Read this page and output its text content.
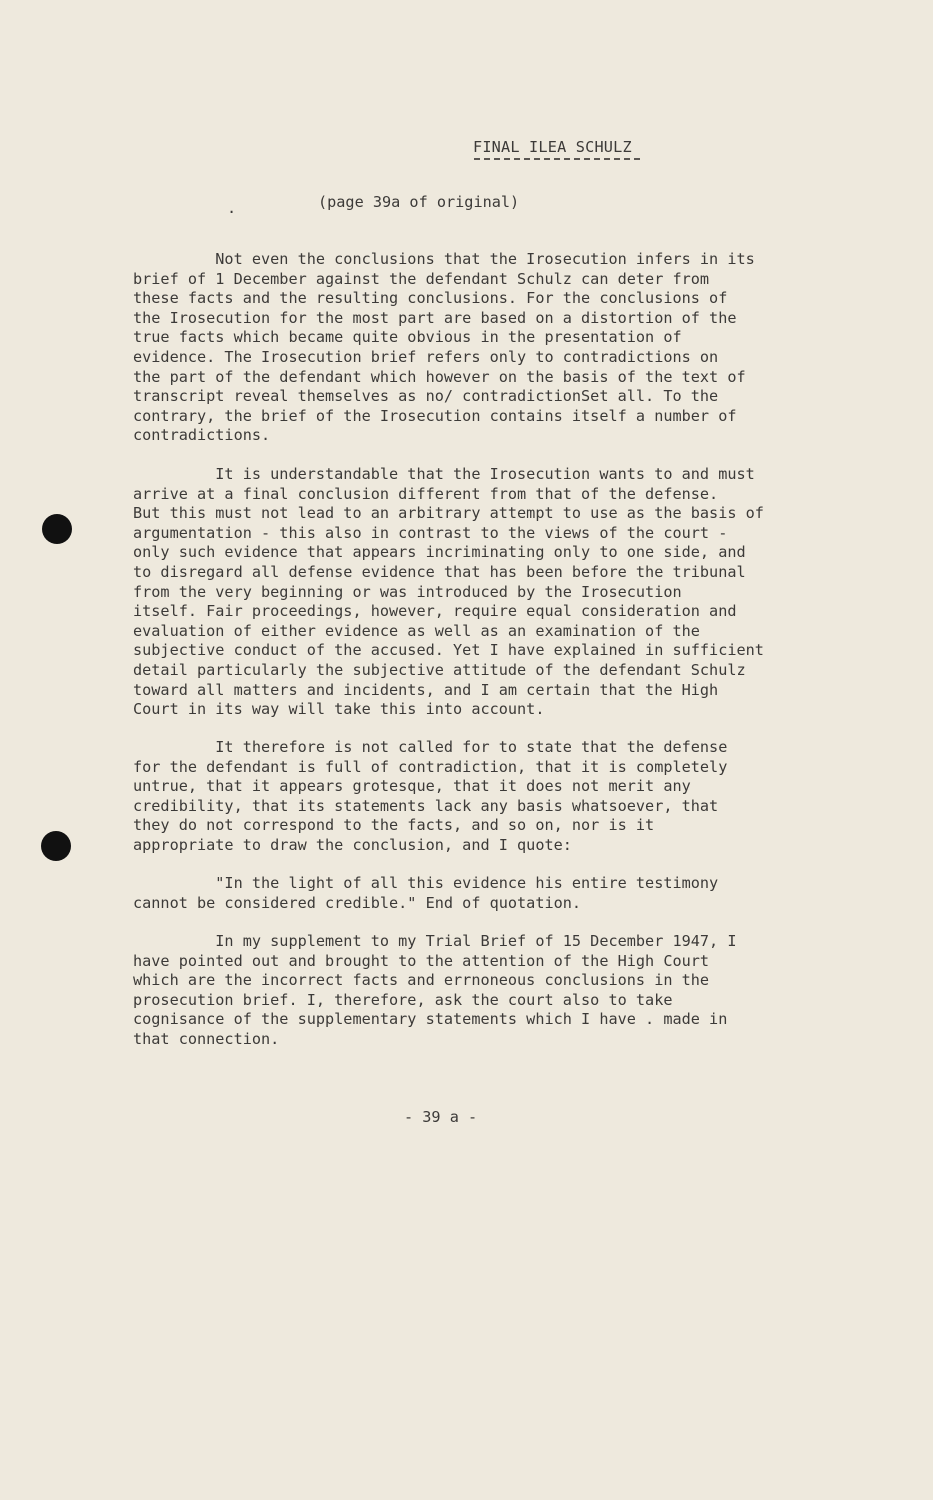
FINAL ILEA SCHULZ
.	(page 39a of original)
Not even the conclusions that the Irosecution infers in its
brief of 1 December against the defendant Schulz can deter from
these facts and the resulting conclusions. For the conclusions of
the Irosecution for the most part are based on a distortion of the
true facts which became quite obvious in the presentation of
evidence. The Irosecution brief refers only to contradictions on
the part of the defendant which however on the basis of the text of
transcript reveal themselves as no/ contradictionSet all. To the
contrary, the brief of the Irosecution contains itself a number of
contradictions.
It is understandable that the Irosecution wants to and must
arrive at a final conclusion different from that of the defense.
But this must not lead to an arbitrary attempt to use as the basis of
argumentation - this also in contrast to the views of the court -
only such evidence that appears incriminating only to one side, and
to disregard all defense evidence that has been before the tribunal
from the very beginning or was introduced by the Irosecution
itself. Fair proceedings, however, require equal consideration and
evaluation of either evidence as well as an examination of the
subjective conduct of the accused. Yet I have explained in sufficient
detail particularly the subjective attitude of the defendant Schulz
toward all matters and incidents, and I am certain that the High
Court in its way will take this into account.
It therefore is not called for to state that the defense
for the defendant is full of contradiction, that it is completely
untrue, that it appears grotesque, that it does not merit any
credibility, that its statements lack any basis whatsoever, that
they do not correspond to the facts, and so on, nor is it
appropriate to draw the conclusion, and I quote:
"In the light of all this evidence his entire testimony
cannot be considered credible." End of quotation.
In my supplement to my Trial Brief of 15 December 1947, I
have pointed out and brought to the attention of the High Court
which are the incorrect facts and errnoneous conclusions in the
prosecution brief. I, therefore, ask the court also to take
cognisance of the supplementary statements which I have . made in
that connection.
- 39 a -
